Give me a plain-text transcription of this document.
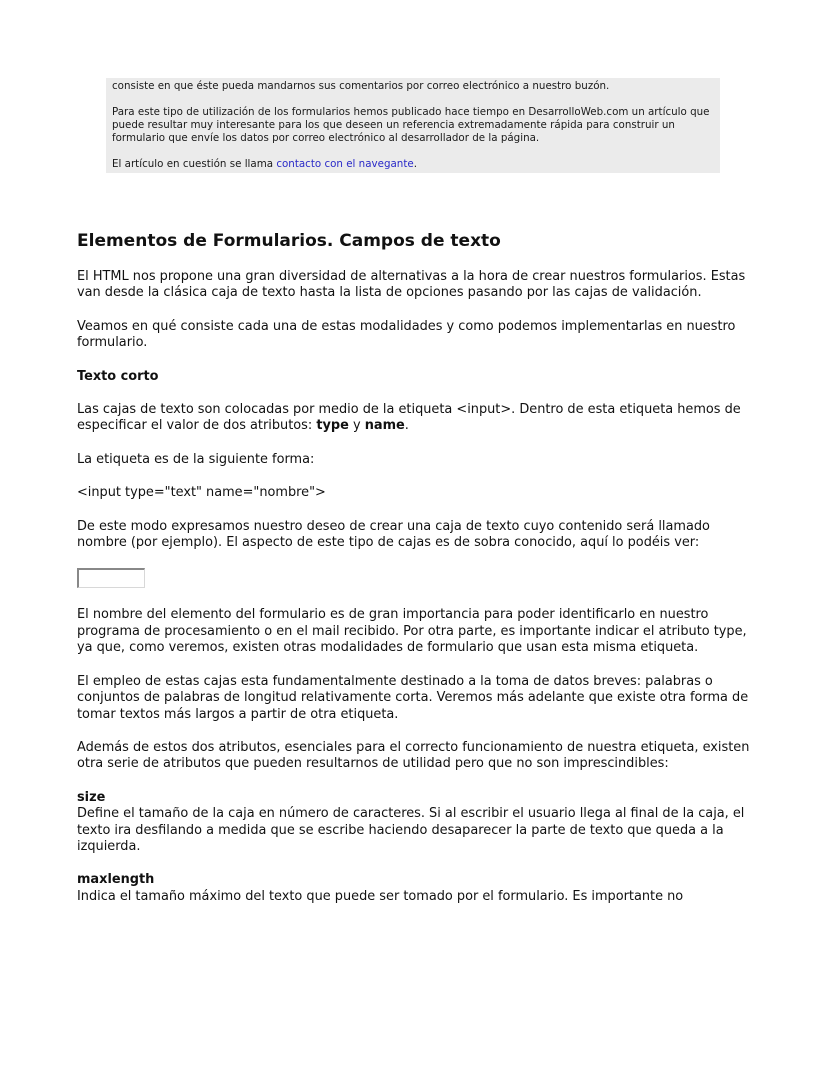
consiste en que éste pueda mandarnos sus comentarios por correo electrónico a nuestro buzón.

Para este tipo de utilización de los formularios hemos publicado hace tiempo en DesarrolloWeb.com un artículo que puede resultar muy interesante para los que deseen un referencia extremadamente rápida para construir un formulario que envíe los datos por correo electrónico al desarrollador de la página.

El artículo en cuestión se llama contacto con el navegante.

Elementos de Formularios. Campos de texto

El HTML nos propone una gran diversidad de alternativas a la hora de crear nuestros formularios. Estas van desde la clásica caja de texto hasta la lista de opciones pasando por las cajas de validación.

Veamos en qué consiste cada una de estas modalidades y como podemos implementarlas en nuestro formulario.

Texto corto

Las cajas de texto son colocadas por medio de la etiqueta <input>. Dentro de esta etiqueta hemos de especificar el valor de dos atributos: type y name.

La etiqueta es de la siguiente forma:

<input type="text" name="nombre">

De este modo expresamos nuestro deseo de crear una caja de texto cuyo contenido será llamado nombre (por ejemplo). El aspecto de este tipo de cajas es de sobra conocido, aquí lo podéis ver:

El nombre del elemento del formulario es de gran importancia para poder identificarlo en nuestro programa de procesamiento o en el mail recibido. Por otra parte, es importante indicar el atributo type, ya que, como veremos, existen otras modalidades de formulario que usan esta misma etiqueta.

El empleo de estas cajas esta fundamentalmente destinado a la toma de datos breves: palabras o conjuntos de palabras de longitud relativamente corta. Veremos más adelante que existe otra forma de tomar textos más largos a partir de otra etiqueta.

Además de estos dos atributos, esenciales para el correcto funcionamiento de nuestra etiqueta, existen otra serie de atributos que pueden resultarnos de utilidad pero que no son imprescindibles:

size
Define el tamaño de la caja en número de caracteres. Si al escribir el usuario llega al final de la caja, el texto ira desfilando a medida que se escribe haciendo desaparecer la parte de texto que queda a la izquierda.
maxlength
Indica el tamaño máximo del texto que puede ser tomado por el formulario. Es importante no
